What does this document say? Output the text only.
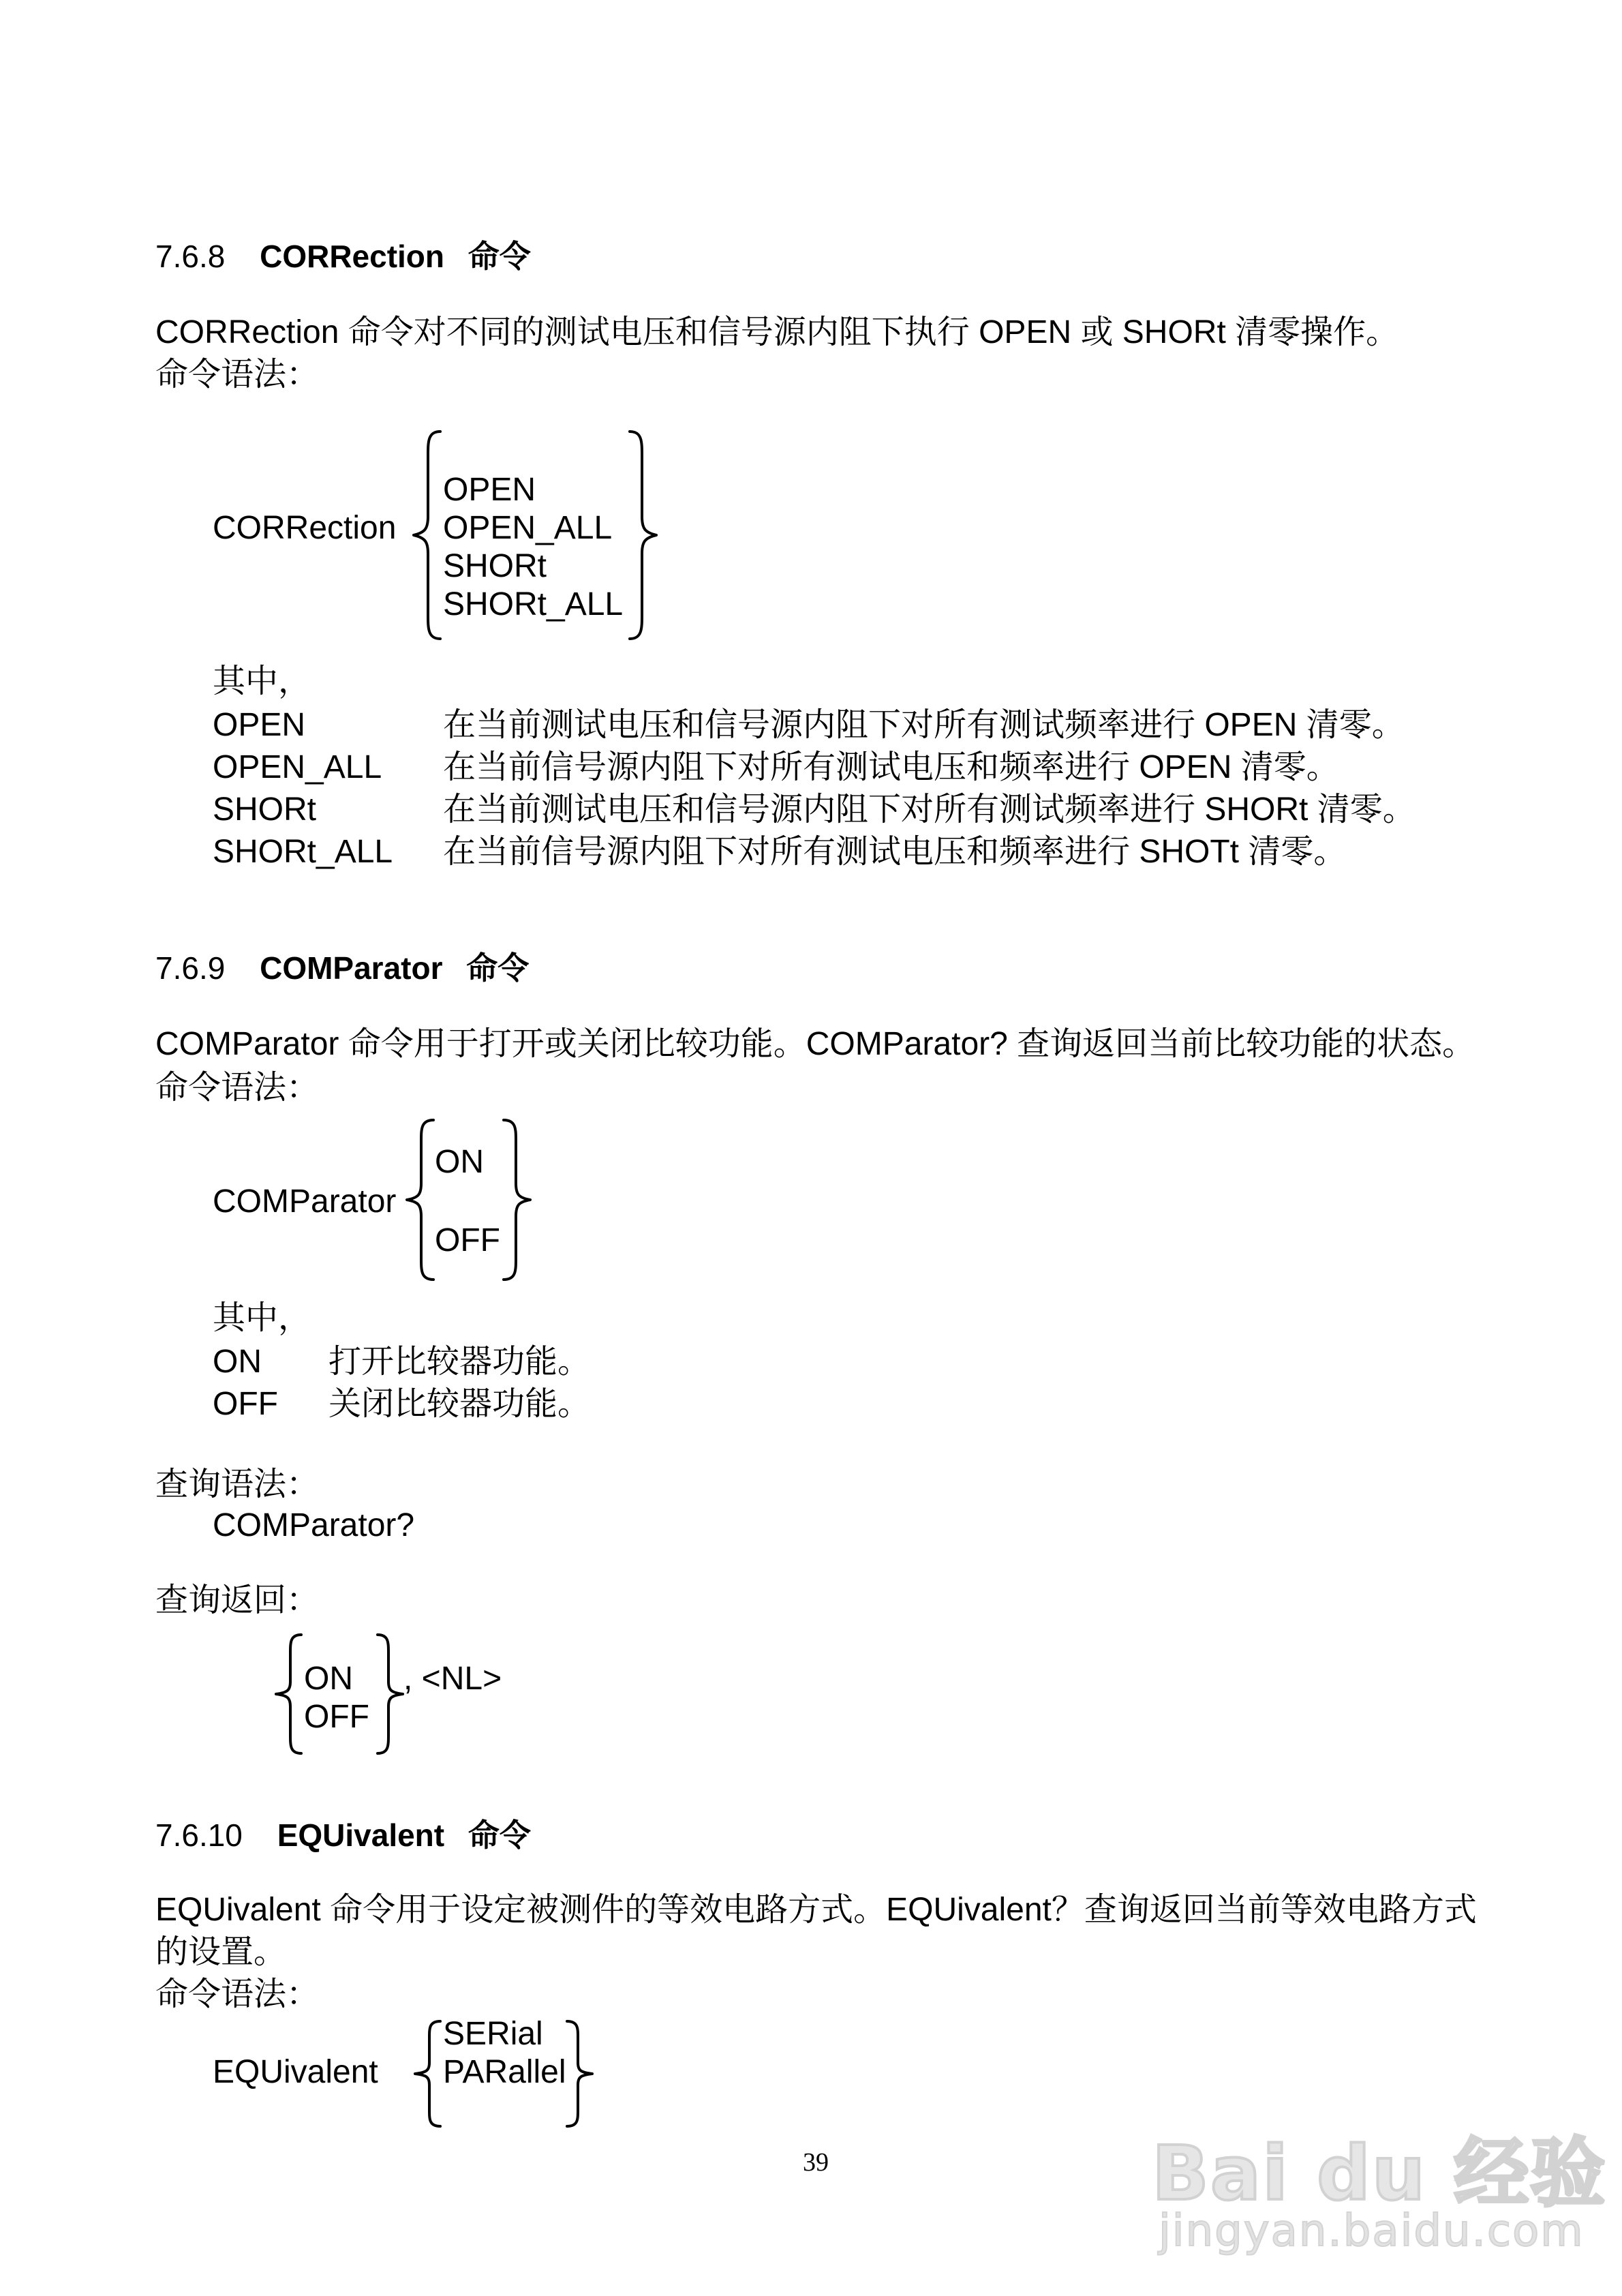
7.6.8 CORRection 命令
CORRection 命令对不同的测试电压和信号源内阻下执行 OPEN 或 SHORt 清零操作。
命令语法：
CORRection
OPEN
OPEN_ALL
SHORt
SHORt_ALL
其中，
OPEN	在当前测试电压和信号源内阻下对所有测试频率进行 OPEN 清零。
OPEN_ALL 在当前信号源内阻下对所有测试电压和频率进行 OPEN 清零。
SHORt	在当前测试电压和信号源内阻下对所有测试频率进行 SHORt 清零。
SHORt_ALL 在当前信号源内阻下对所有测试电压和频率进行 SHOTt 清零。
7.6.9 COMParator 命令
COMParator 命令用于打开或关闭比较功能。COMParator? 查询返回当前比较功能的状态。
命令语法：
COMParator
ON
OFF
其中，
ON 打开比较器功能。
OFF 关闭比较器功能。
查询语法：
COMParator?
查询返回：
ON
OFF
, <NL>
7.6.10 EQUivalent 命令
EQUivalent 命令用于设定被测件的等效电路方式。EQUivalent？查询返回当前等效电路方式
的设置。
命令语法：
EQUivalent
SERial
PARallel
39	Bai du 经验
jingyan.baidu.com
